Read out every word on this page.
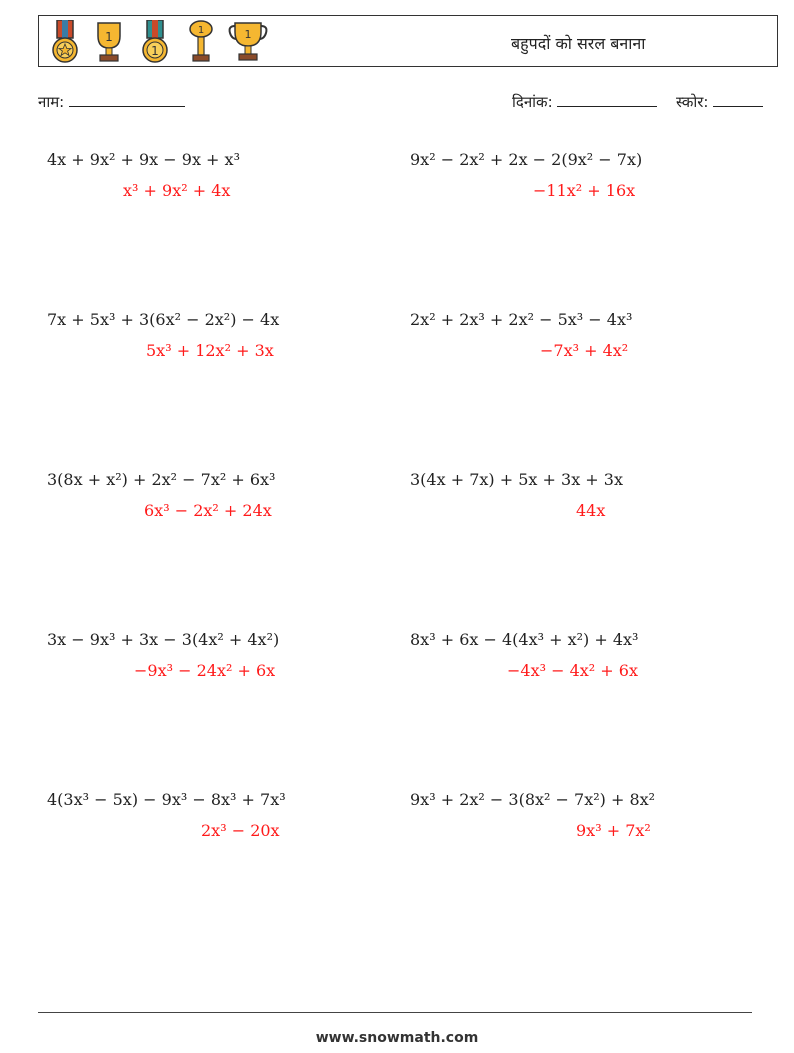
1
1
1	1	बहुपदों को सरल बनाना
नाम:	दिनांक:	स्कोर:
4x + 9x² + 9x − 9x + x³
x³ + 9x² + 4x
9x² − 2x² + 2x − 2(9x² − 7x)
−11x² + 16x
7x + 5x³ + 3(6x² − 2x²) − 4x
5x³ + 12x² + 3x
2x² + 2x³ + 2x² − 5x³ − 4x³
−7x³ + 4x²
3(8x + x²) + 2x² − 7x² + 6x³
6x³ − 2x² + 24x
3(4x + 7x) + 5x + 3x + 3x
44x
3x − 9x³ + 3x − 3(4x² + 4x²)
−9x³ − 24x² + 6x
8x³ + 6x − 4(4x³ + x²) + 4x³
−4x³ − 4x² + 6x
4(3x³ − 5x) − 9x³ − 8x³ + 7x³
2x³ − 20x
9x³ + 2x² − 3(8x² − 7x²) + 8x²
9x³ + 7x²
www.snowmath.com
